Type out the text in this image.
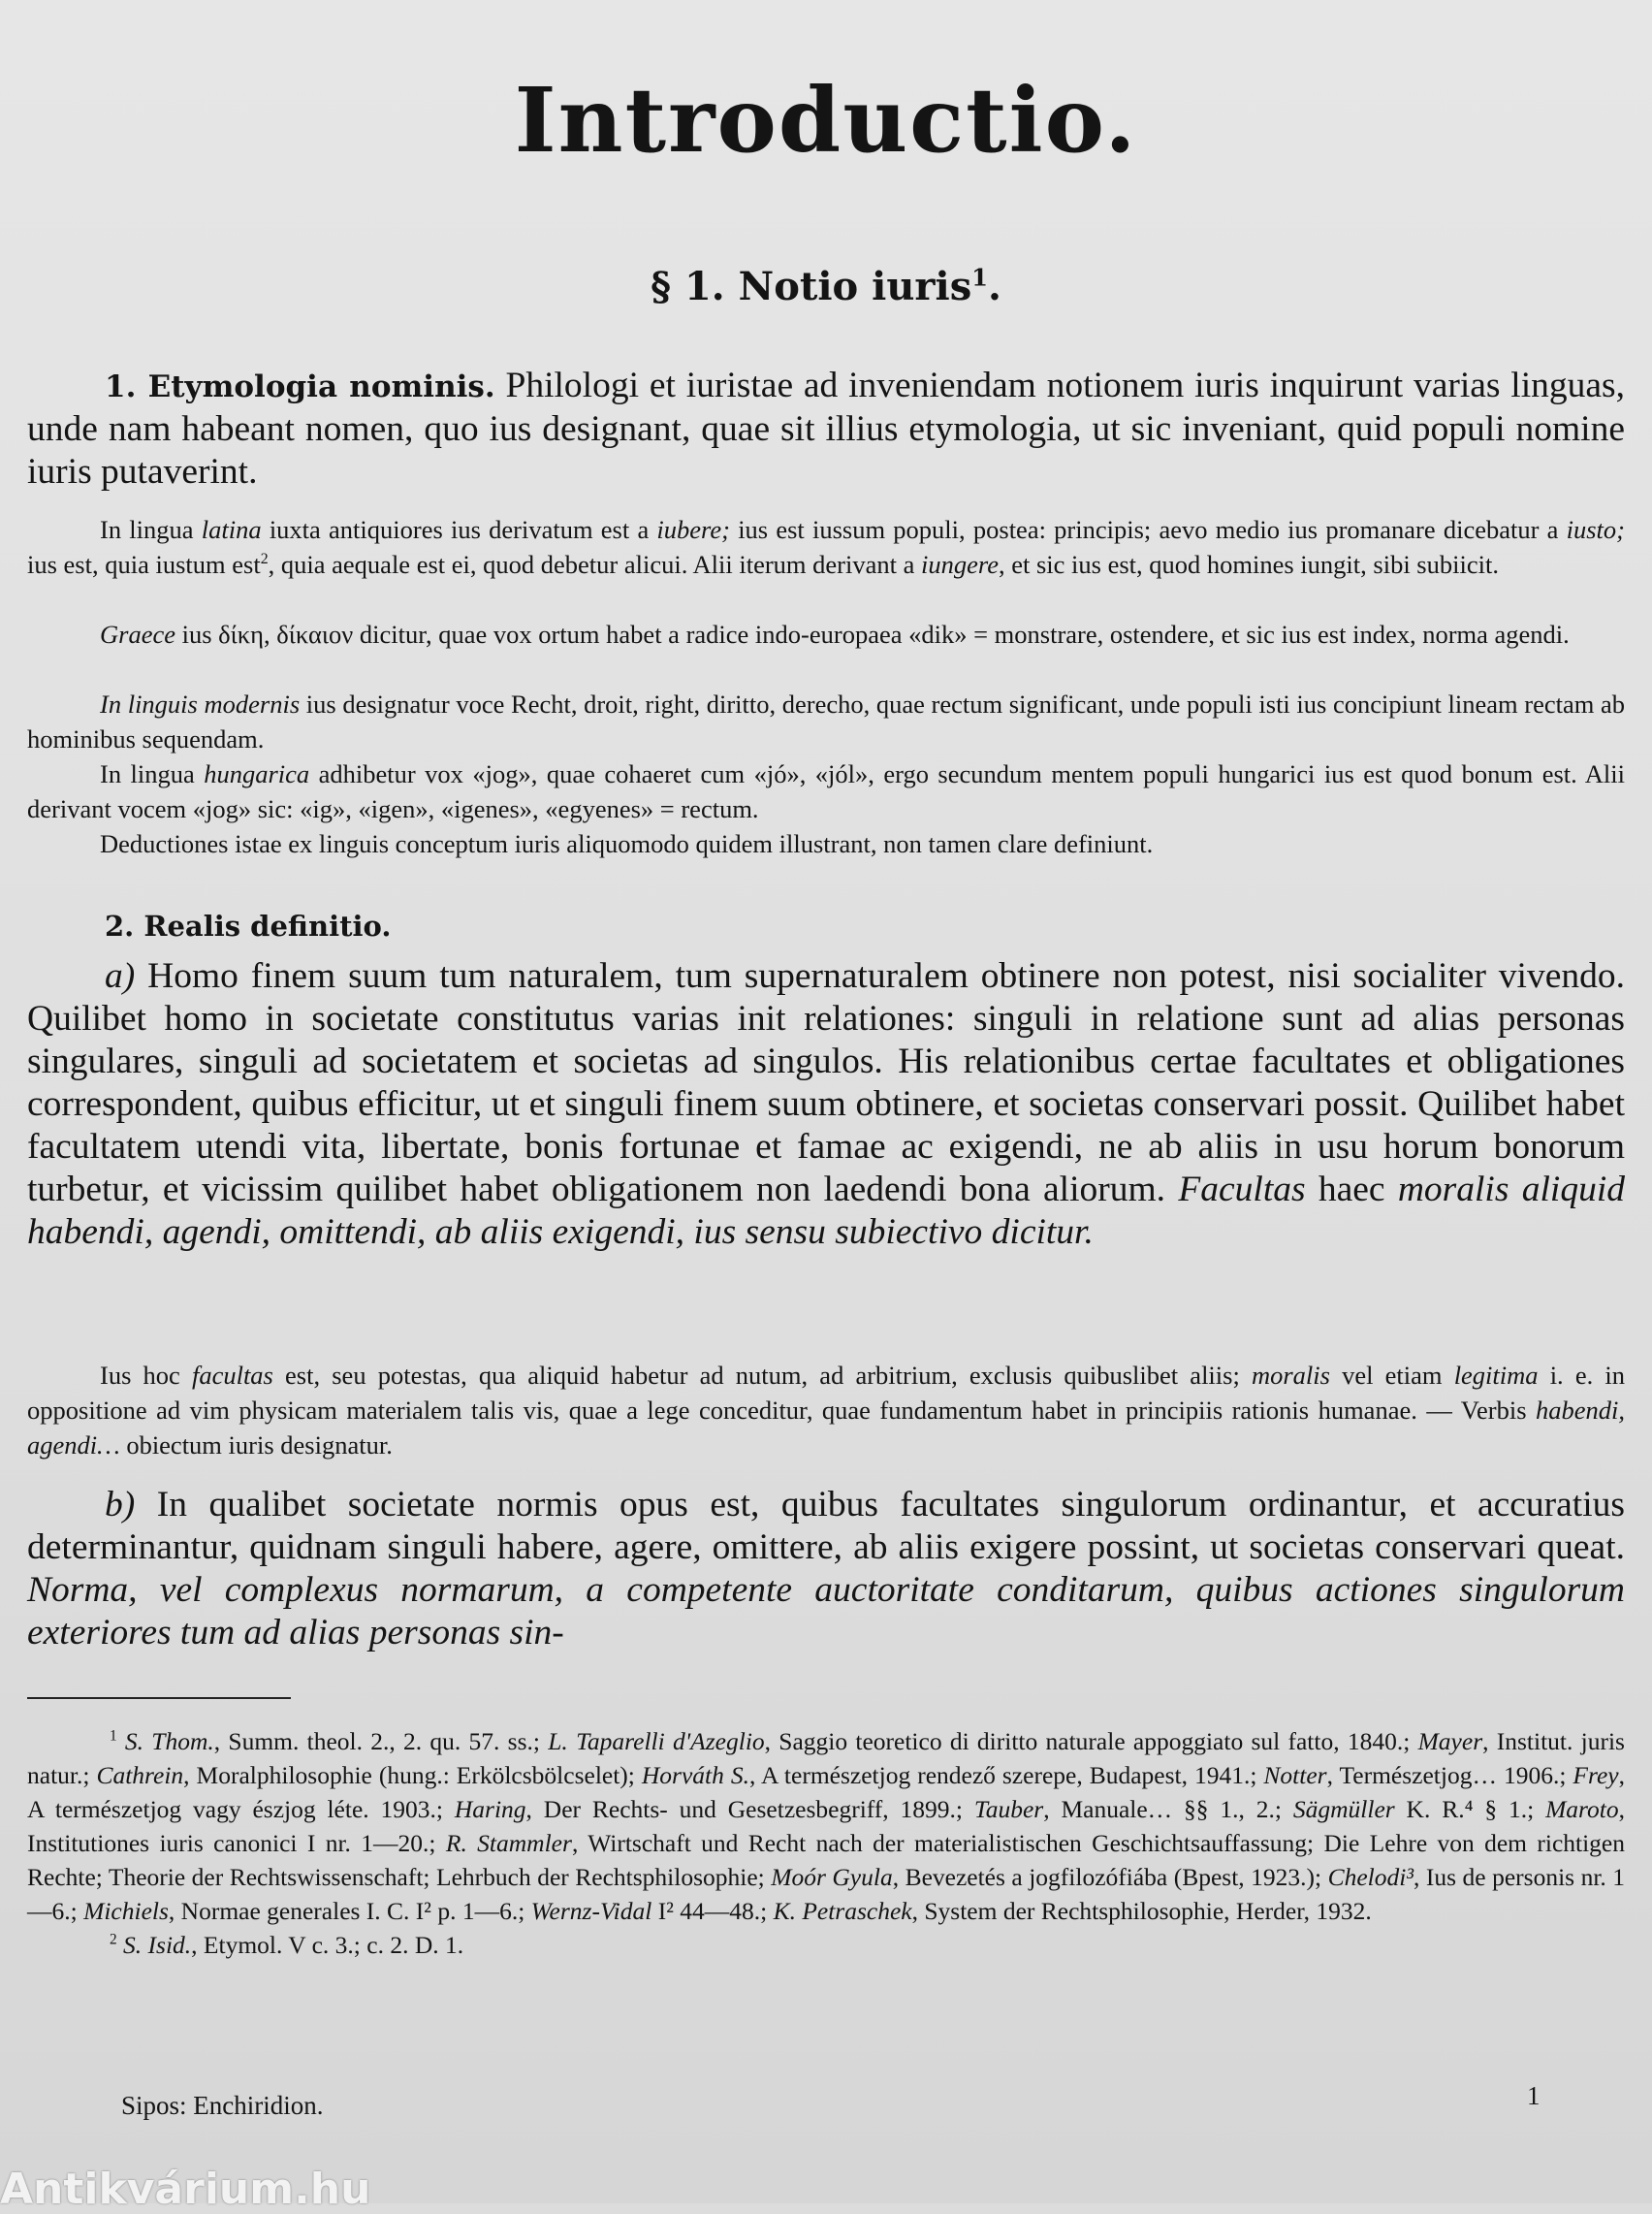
Introductio.
§ 1. Notio iuris$^1$.

1. Etymologia nominis. Philologi et iuristae ad inveniendam notionem iuris inquirunt varias linguas, unde nam habeant nomen, quo ius designant, quae sit illius etymologia, ut sic inveniant, quid populi nomine iuris putaverint.

In lingua latina iuxta antiquiores ius derivatum est a iubere; ius est iussum populi, postea: principis; aevo medio ius promanare dicebatur a iusto; ius est, quia iustum est$^2$, quia aequale est ei, quod debetur alicui. Alii iterum derivant a iungere, et sic ius est, quod homines iungit, sibi subiicit.

Graece ius δίκη, δίκαιον dicitur, quae vox ortum habet a radice indo-europaea «dik» = monstrare, ostendere, et sic ius est index, norma agendi.

In linguis modernis ius designatur voce Recht, droit, right, diritto, derecho, quae rectum significant, unde populi isti ius concipiunt lineam rectam ab hominibus sequendam.

In lingua hungarica adhibetur vox «jog», quae cohaeret cum «jó», «jól», ergo secundum mentem populi hungarici ius est quod bonum est. Alii derivant vocem «jog» sic: «ig», «igen», «igenes», «egyenes» = rectum.

Deductiones istae ex linguis conceptum iuris aliquomodo quidem illustrant, non tamen clare definiunt.

2. Realis definitio.

a) Homo finem suum tum naturalem, tum supernaturalem obtinere non potest, nisi socialiter vivendo. Quilibet homo in societate constitutus varias init relationes: singuli in relatione sunt ad alias personas singulares, singuli ad societatem et societas ad singulos. His relationibus certae facultates et obligationes correspondent, quibus efficitur, ut et singuli finem suum obtinere, et societas conservari possit. Quilibet habet facultatem utendi vita, libertate, bonis fortunae et famae ac exigendi, ne ab aliis in usu horum bonorum turbetur, et vicissim quilibet habet obligationem non laedendi bona aliorum. Facultas haec moralis aliquid habendi, agendi, omittendi, ab aliis exigendi, ius sensu subiectivo dicitur.

Ius hoc facultas est, seu potestas, qua aliquid habetur ad nutum, ad arbitrium, exclusis quibuslibet aliis; moralis vel etiam legitima i. e. in oppositione ad vim physicam materialem talis vis, quae a lege conceditur, quae fundamentum habet in principiis rationis humanae. — Verbis habendi, agendi… obiectum iuris designatur.

b) In qualibet societate normis opus est, quibus facultates singulorum ordinantur, et accuratius determinantur, quidnam singuli habere, agere, omittere, ab aliis exigere possint, ut societas conservari queat. Norma, vel complexus normarum, a competente auctoritate conditarum, quibus actiones singulorum exteriores tum ad alias personas sin-

$^1$ S. Thom., Summ. theol. 2., 2. qu. 57. ss.; L. Taparelli d'Azeglio, Saggio teoretico di diritto naturale appoggiato sul fatto, 1840.; Mayer, Institut. juris natur.; Cathrein, Moralphilosophie (hung.: Erkölcsbölcselet); Horváth S., A természetjog rendező szerepe, Budapest, 1941.; Notter, Természetjog… 1906.; Frey, A természetjog vagy észjog léte. 1903.; Haring, Der Rechts- und Gesetzesbegriff, 1899.; Tauber, Manuale… §§ 1., 2.; Sägmüller K. R.⁴ § 1.; Maroto, Institutiones iuris canonici I nr. 1—20.; R. Stammler, Wirtschaft und Recht nach der materialistischen Geschichtsauffassung; Die Lehre von dem richtigen Rechte; Theorie der Rechtswissenschaft; Lehrbuch der Rechtsphilosophie; Moór Gyula, Bevezetés a jogfilozófiába (Bpest, 1923.); Chelodi³, Ius de personis nr. 1—6.; Michiels, Normae generales I. C. I² p. 1—6.; Wernz-Vidal I² 44—48.; K. Petraschek, System der Rechtsphilosophie, Herder, 1932.

$^2$ S. Isid., Etymol. V c. 3.; c. 2. D. 1.

Sipos: Enchiridion.	1
Antikvárium.hu
